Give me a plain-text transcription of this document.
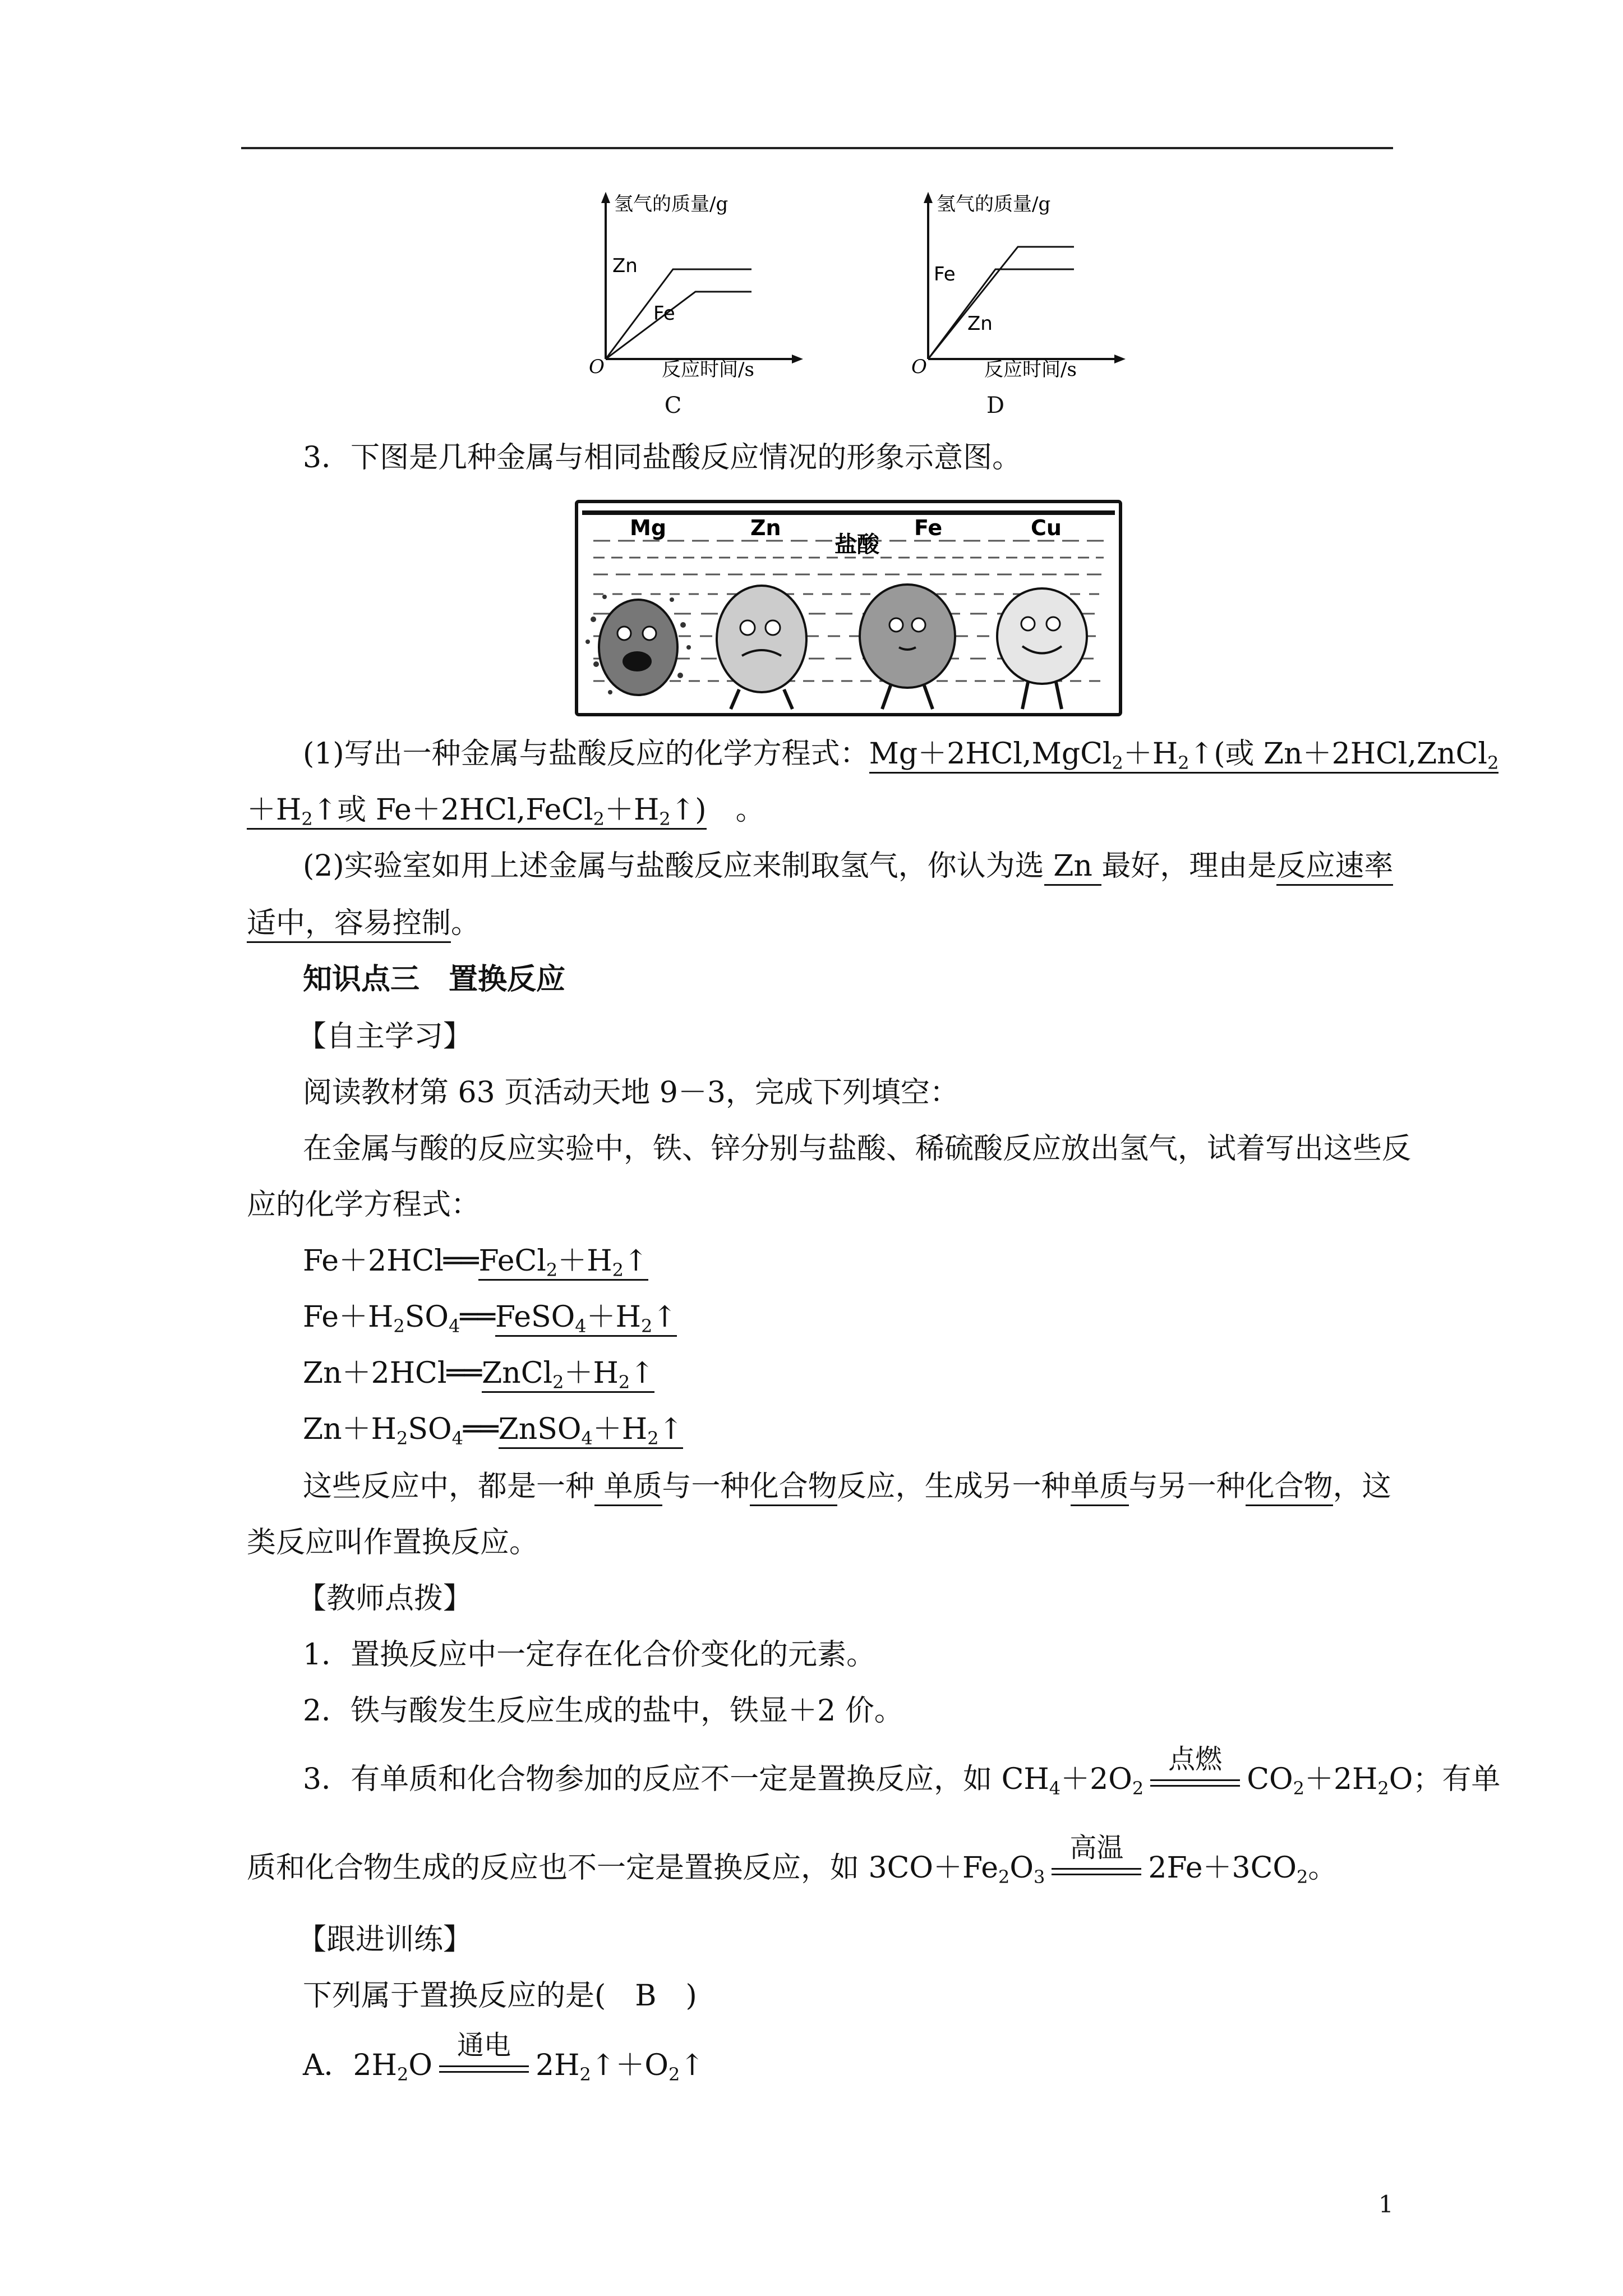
氢气的质量/g
Zn
Fe
O	反应时间/s
C
氢气的质量/g
Fe
Zn
O	反应时间/s
D
3．下图是几种金属与相同盐酸反应情况的形象示意图。
Mg	Zn
盐酸
Fe	Cu
(1)写出一种金属与盐酸反应的化学方程式：$Mg+2HCl,MgCl_2+H_2↑$(或 Zn＋2HCl,ZnCl$_2$
$+H_2↑$或 $Fe+2HCl,FeCl_2+H_2↑$)　 。
(2)实验室如用上述金属与盐酸反应来制取氢气，你认为选 Zn 最好，理由是反应速率
适中，容易控制。
知识点三　置换反应
【自主学习】
阅读教材第 63 页活动天地 9－3，完成下列填空：
在金属与酸的反应实验中，铁、锌分别与盐酸、稀硫酸反应放出氢气，试着写出这些反
应的化学方程式：
$Fe+2HCl══FeCl_2+H_2↑$
$Fe+H_2SO_4══FeSO_4+H_2↑$
$Zn+2HCl══ZnCl_2+H_2↑$
$Zn+H_2SO_4══ZnSO_4+H_2↑$
这些反应中，都是一种 单质与一种化合物反应，生成另一种单质与另一种化合物，这
类反应叫作置换反应。
【教师点拨】
1．置换反应中一定存在化合价变化的元素。
2．铁与酸发生反应生成的盐中，铁显＋2 价。
3．有单质和化合物参加的反应不一定是置换反应，如 $CH_4+2O_2$
点燃
$CO_2+2H_2O$；有单
质和化合物生成的反应也不一定是置换反应，如 $3CO+Fe_2O_3$
高温
$2Fe+3CO_2$。
【跟进训练】
下列属于置换反应的是(　B　)
A．$2H_2O$
通电
$2H_2↑+O_2↑$
1
